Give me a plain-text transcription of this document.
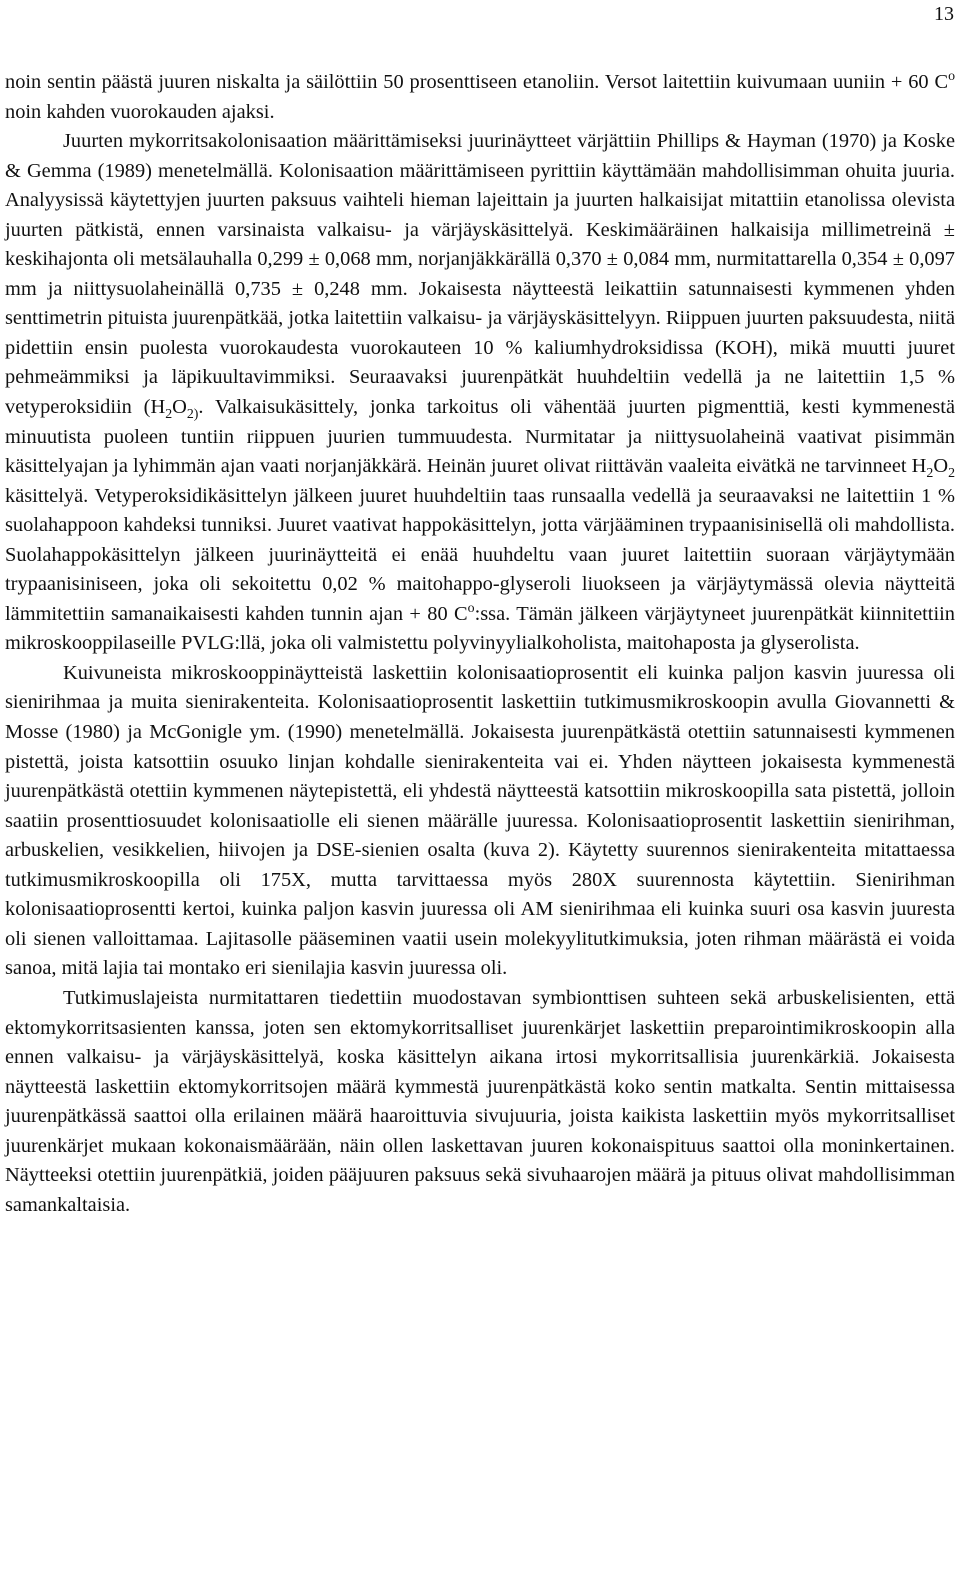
13

noin sentin päästä juuren niskalta ja säilöttiin 50 prosenttiseen etanoliin. Versot laitettiin kuivumaan uuniin + 60 $C^o$ noin kahden vuorokauden ajaksi.

Juurten mykorritsakolonisaation määrittämiseksi juurinäytteet värjättiin Phillips & Hayman (1970) ja Koske & Gemma (1989) menetelmällä. Kolonisaation määrittämiseen pyrittiin käyttämään mahdollisimman ohuita juuria. Analyysissä käytettyjen juurten paksuus vaihteli hieman lajeittain ja juurten halkaisijat mitattiin etanolissa olevista juurten pätkistä, ennen varsinaista valkaisu- ja värjäyskäsittelyä. Keskimääräinen halkaisija millimetreinä ± keskihajonta oli metsälauhalla 0,299 ± 0,068 mm, norjanjäkkärällä 0,370 ± 0,084 mm, nurmitattarella 0,354 ± 0,097 mm ja niittysuolaheinällä 0,735 ± 0,248 mm. Jokaisesta näytteestä leikattiin satunnaisesti kymmenen yhden senttimetrin pituista juurenpätkää, jotka laitettiin valkaisu- ja värjäyskäsittelyyn. Riippuen juurten paksuudesta, niitä pidettiin ensin puolesta vuorokaudesta vuorokauteen 10 % kaliumhydroksidissa (KOH), mikä muutti juuret pehmeämmiksi ja läpikuultavimmiksi. Seuraavaksi juurenpätkät huuhdeltiin vedellä ja ne laitettiin 1,5 % vetyperoksidiin ($H_2O_{2)}$. Valkaisukäsittely, jonka tarkoitus oli vähentää juurten pigmenttiä, kesti kymmenestä minuutista puoleen tuntiin riippuen juurien tummuudesta. Nurmitatar ja niittysuolaheinä vaativat pisimmän käsittelyajan ja lyhimmän ajan vaati norjanjäkkärä. Heinän juuret olivat riittävän vaaleita eivätkä ne tarvinneet $H_2O_2$ käsittelyä. Vetyperoksidikäsittelyn jälkeen juuret huuhdeltiin taas runsaalla vedellä ja seuraavaksi ne laitettiin 1 % suolahappoon kahdeksi tunniksi. Juuret vaativat happokäsittelyn, jotta värjääminen trypaanisinisellä oli mahdollista. Suolahappokäsittelyn jälkeen juurinäytteitä ei enää huuhdeltu vaan juuret laitettiin suoraan värjäytymään trypaanisiniseen, joka oli sekoitettu 0,02 % maitohappo-glyseroli liuokseen ja värjäytymässä olevia näytteitä lämmitettiin samanaikaisesti kahden tunnin ajan + 80 $C^o:ssa$. Tämän jälkeen värjäytyneet juurenpätkät kiinnitettiin mikroskooppilaseille PVLG:llä, joka oli valmistettu polyvinyylialkoholista, maitohaposta ja glyserolista.

Kuivuneista mikroskooppinäytteistä laskettiin kolonisaatioprosentit eli kuinka paljon kasvin juuressa oli sienirihmaa ja muita sienirakenteita. Kolonisaatioprosentit laskettiin tutkimusmikroskoopin avulla Giovannetti & Mosse (1980) ja McGonigle ym. (1990) menetelmällä. Jokaisesta juurenpätkästä otettiin satunnaisesti kymmenen pistettä, joista katsottiin osuuko linjan kohdalle sienirakenteita vai ei. Yhden näytteen jokaisesta kymmenestä juurenpätkästä otettiin kymmenen näytepistettä, eli yhdestä näytteestä katsottiin mikroskoopilla sata pistettä, jolloin saatiin prosenttiosuudet kolonisaatiolle eli sienen määrälle juuressa. Kolonisaatioprosentit laskettiin sienirihman, arbuskelien, vesikkelien, hiivojen ja DSE-sienien osalta (kuva 2). Käytetty suurennos sienirakenteita mitattaessa tutkimusmikroskoopilla oli 175X, mutta tarvittaessa myös 280X suurennosta käytettiin. Sienirihman kolonisaatioprosentti kertoi, kuinka paljon kasvin juuressa oli AM sienirihmaa eli kuinka suuri osa kasvin juuresta oli sienen valloittamaa. Lajitasolle pääseminen vaatii usein molekyylitutkimuksia, joten rihman määrästä ei voida sanoa, mitä lajia tai montako eri sienilajia kasvin juuressa oli.

Tutkimuslajeista nurmitattaren tiedettiin muodostavan symbionttisen suhteen sekä arbuskelisienten, että ektomykorritsasienten kanssa, joten sen ektomykorritsalliset juurenkärjet laskettiin preparointimikroskoopin alla ennen valkaisu- ja värjäyskäsittelyä, koska käsittelyn aikana irtosi mykorritsallisia juurenkärkiä. Jokaisesta näytteestä laskettiin ektomykorritsojen määrä kymmestä juurenpätkästä koko sentin matkalta. Sentin mittaisessa juurenpätkässä saattoi olla erilainen määrä haaroittuvia sivujuuria, joista kaikista laskettiin myös mykorritsalliset juurenkärjet mukaan kokonaismäärään, näin ollen laskettavan juuren kokonaispituus saattoi olla moninkertainen. Näytteeksi otettiin juurenpätkiä, joiden pääjuuren paksuus sekä sivuhaarojen määrä ja pituus olivat mahdollisimman samankaltaisia.
